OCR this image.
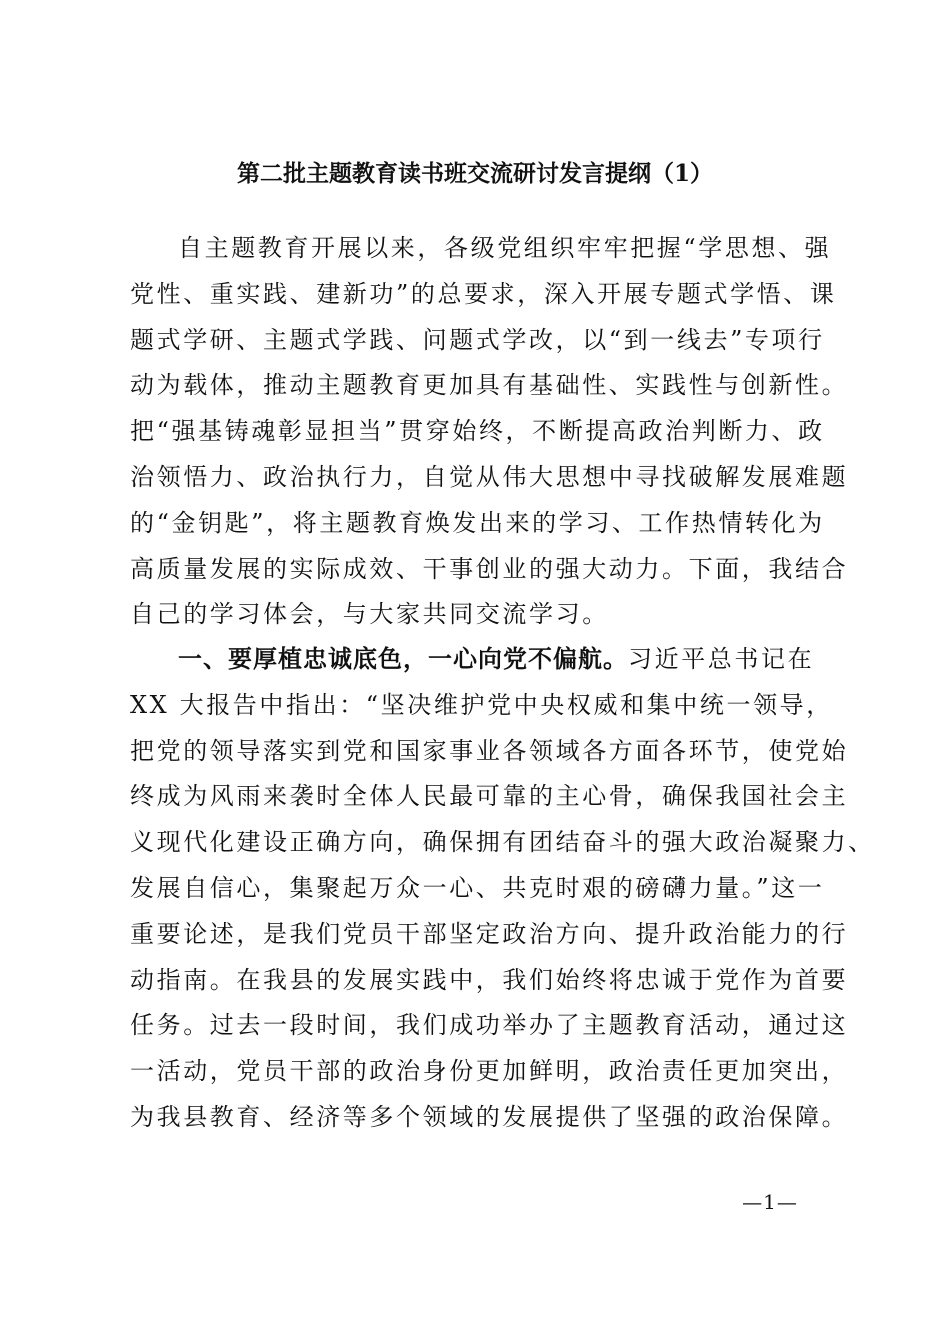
第二批主题教育读书班交流研讨发言提纲（1）
自主题教育开展以来，各级党组织牢牢把握“学思想、强
党性、重实践、建新功”的总要求，深入开展专题式学悟、课
题式学研、主题式学践、问题式学改，以“到一线去”专项行
动为载体，推动主题教育更加具有基础性、实践性与创新性。
把“强基铸魂彰显担当”贯穿始终，不断提高政治判断力、政
治领悟力、政治执行力，自觉从伟大思想中寻找破解发展难题
的“金钥匙”，将主题教育焕发出来的学习、工作热情转化为
高质量发展的实际成效、干事创业的强大动力。下面，我结合
自己的学习体会，与大家共同交流学习。
一、要厚植忠诚底色，一心向党不偏航。习近平总书记在
XX 大报告中指出：“坚决维护党中央权威和集中统一领导，
把党的领导落实到党和国家事业各领域各方面各环节，使党始
终成为风雨来袭时全体人民最可靠的主心骨，确保我国社会主
义现代化建设正确方向，确保拥有团结奋斗的强大政治凝聚力、
发展自信心，集聚起万众一心、共克时艰的磅礴力量。”这一
重要论述，是我们党员干部坚定政治方向、提升政治能力的行
动指南。在我县的发展实践中，我们始终将忠诚于党作为首要
任务。过去一段时间，我们成功举办了主题教育活动，通过这
一活动，党员干部的政治身份更加鲜明，政治责任更加突出，
为我县教育、经济等多个领域的发展提供了坚强的政治保障。
—1—
